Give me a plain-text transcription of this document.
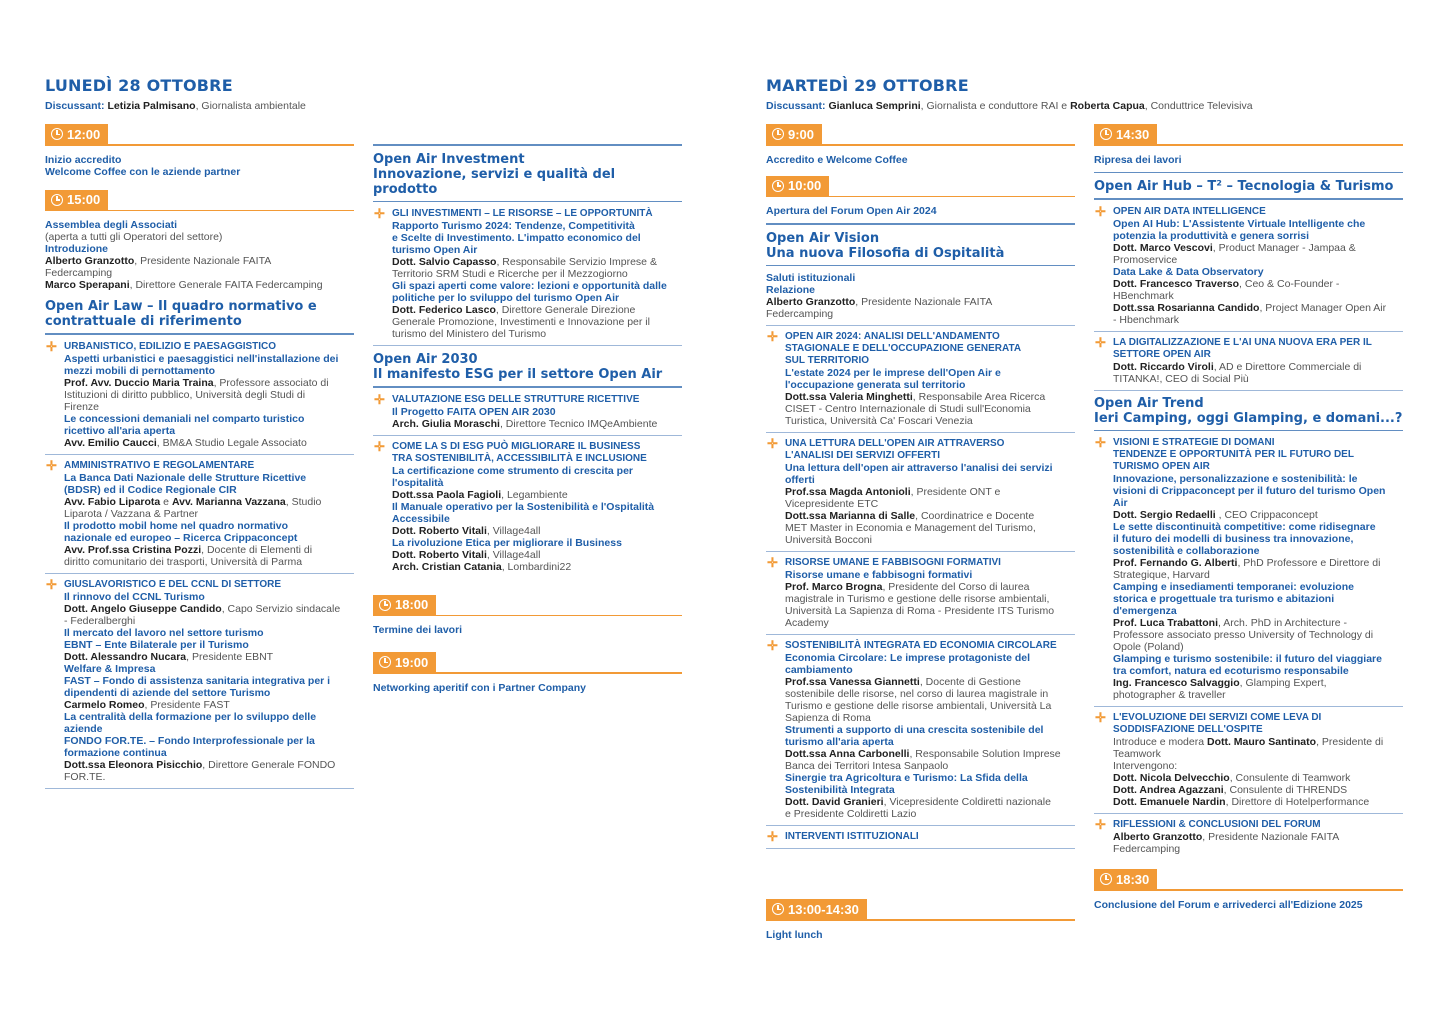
LUNEDÌ 28 OTTOBRE
Discussant: Letizia Palmisano, Giornalista ambientale
12:00
Inizio accredito
Welcome Coffee con le aziende partner
15:00
Assemblea degli Associati
(aperta a tutti gli Operatori del settore)
Introduzione
Alberto Granzotto, Presidente Nazionale FAITA
Federcamping
Marco Sperapani, Direttore Generale FAITA Federcamping
Open Air Law – Il quadro normativo e
contrattuale di riferimento
✛ URBANISTICO, EDILIZIO E PAESAGGISTICO
Aspetti urbanistici e paesaggistici nell'installazione dei
mezzi mobili di pernottamento
Prof. Avv. Duccio Maria Traina, Professore associato di
Istituzioni di diritto pubblico, Università degli Studi di
Firenze
Le concessioni demaniali nel comparto turistico
ricettivo all'aria aperta
Avv. Emilio Caucci, BM&A Studio Legale Associato
✛ AMMINISTRATIVO E REGOLAMENTARE
La Banca Dati Nazionale delle Strutture Ricettive
(BDSR) ed il Codice Regionale CIR
Avv. Fabio Liparota e Avv. Marianna Vazzana, Studio
Liparota / Vazzana & Partner
Il prodotto mobil home nel quadro normativo
nazionale ed europeo – Ricerca Crippaconcept
Avv. Prof.ssa Cristina Pozzi, Docente di Elementi di
diritto comunitario dei trasporti, Università di Parma
✛ GIUSLAVORISTICO E DEL CCNL DI SETTORE
Il rinnovo del CCNL Turismo
Dott. Angelo Giuseppe Candido, Capo Servizio sindacale
- Federalberghi
Il mercato del lavoro nel settore turismo
EBNT – Ente Bilaterale per il Turismo
Dott. Alessandro Nucara, Presidente EBNT
Welfare & Impresa
FAST – Fondo di assistenza sanitaria integrativa per i
dipendenti di aziende del settore Turismo
Carmelo Romeo, Presidente FAST
La centralità della formazione per lo sviluppo delle
aziende
FONDO FOR.TE. – Fondo Interprofessionale per la
formazione continua
Dott.ssa Eleonora Pisicchio, Direttore Generale FONDO
FOR.TE.
Open Air Investment
Innovazione, servizi e qualità del prodotto
✛ GLI INVESTIMENTI – LE RISORSE – LE OPPORTUNITÀ
Rapporto Turismo 2024: Tendenze, Competitività
e Scelte di Investimento. L'impatto economico del
turismo Open Air
Dott. Salvio Capasso, Responsabile Servizio Imprese &
Territorio SRM Studi e Ricerche per il Mezzogiorno
Gli spazi aperti come valore: lezioni e opportunità dalle
politiche per lo sviluppo del turismo Open Air
Dott. Federico Lasco, Direttore Generale Direzione
Generale Promozione, Investimenti e Innovazione per il
turismo del Ministero del Turismo
Open Air 2030
Il manifesto ESG per il settore Open Air
✛ VALUTAZIONE ESG DELLE STRUTTURE RICETTIVE
Il Progetto FAITA OPEN AIR 2030
Arch. Giulia Moraschi, Direttore Tecnico IMQeAmbiente
✛ COME LA S DI ESG PUÒ MIGLIORARE IL BUSINESS
TRA SOSTENIBILITÀ, ACCESSIBILITÀ E INCLUSIONE
La certificazione come strumento di crescita per
l'ospitalità
Dott.ssa Paola Fagioli, Legambiente
Il Manuale operativo per la Sostenibilità e l'Ospitalità
Accessibile
Dott. Roberto Vitali, Village4all
La rivoluzione Etica per migliorare il Business
Dott. Roberto Vitali, Village4all
Arch. Cristian Catania, Lombardini22
18:00
Termine dei lavori
19:00
Networking aperitif con i Partner Company
MARTEDÌ 29 OTTOBRE
Discussant: Gianluca Semprini, Giornalista e conduttore RAI e Roberta Capua, Conduttrice Televisiva
9:00
Accredito e Welcome Coffee
10:00
Apertura del Forum Open Air 2024
Open Air Vision
Una nuova Filosofia di Ospitalità
Saluti istituzionali
Relazione
Alberto Granzotto, Presidente Nazionale FAITA
Federcamping
✛ OPEN AIR 2024: ANALISI DELL'ANDAMENTO
STAGIONALE E DELL'OCCUPAZIONE GENERATA
SUL TERRITORIO
L'estate 2024 per le imprese dell'Open Air e
l'occupazione generata sul territorio
Dott.ssa Valeria Minghetti, Responsabile Area Ricerca
CISET - Centro Internazionale di Studi sull'Economia
Turistica, Università Ca' Foscari Venezia
✛ UNA LETTURA DELL'OPEN AIR ATTRAVERSO
L'ANALISI DEI SERVIZI OFFERTI
Una lettura dell'open air attraverso l'analisi dei servizi
offerti
Prof.ssa Magda Antonioli, Presidente ONT e
Vicepresidente ETC
Dott.ssa Marianna di Salle, Coordinatrice e Docente
MET Master in Economia e Management del Turismo,
Università Bocconi
✛ RISORSE UMANE E FABBISOGNI FORMATIVI
Risorse umane e fabbisogni formativi
Prof. Marco Brogna, Presidente del Corso di laurea
magistrale in Turismo e gestione delle risorse ambientali,
Università La Sapienza di Roma - Presidente ITS Turismo
Academy
✛ SOSTENIBILITÀ INTEGRATA ED ECONOMIA CIRCOLARE
Economia Circolare: Le imprese protagoniste del
cambiamento
Prof.ssa Vanessa Giannetti, Docente di Gestione
sostenibile delle risorse, nel corso di laurea magistrale in
Turismo e gestione delle risorse ambientali, Università La
Sapienza di Roma
Strumenti a supporto di una crescita sostenibile del
turismo all'aria aperta
Dott.ssa Anna Carbonelli, Responsabile Solution Imprese
Banca dei Territori Intesa Sanpaolo
Sinergie tra Agricoltura e Turismo: La Sfida della
Sostenibilità Integrata
Dott. David Granieri, Vicepresidente Coldiretti nazionale
e Presidente Coldiretti Lazio
✛ INTERVENTI ISTITUZIONALI
13:00-14:30
Light lunch
14:30
Ripresa dei lavori
Open Air Hub – T² – Tecnologia & Turismo
✛ OPEN AIR DATA INTELLIGENCE
Open AI Hub: L'Assistente Virtuale Intelligente che
potenzia la produttività e genera sorrisi
Dott. Marco Vescovi, Product Manager - Jampaa &
Promoservice
Data Lake & Data Observatory
Dott. Francesco Traverso, Ceo & Co-Founder -
HBenchmark
Dott.ssa Rosarianna Candido, Project Manager Open Air
- Hbenchmark
✛ LA DIGITALIZZAZIONE E L'AI UNA NUOVA ERA PER IL
SETTORE OPEN AIR
Dott. Riccardo Viroli, AD e Direttore Commerciale di
TITANKA!, CEO di Social Più
Open Air Trend
Ieri Camping, oggi Glamping, e domani...?
✛ VISIONI E STRATEGIE DI DOMANI
TENDENZE E OPPORTUNITÀ PER IL FUTURO DEL
TURISMO OPEN AIR
Innovazione, personalizzazione e sostenibilità: le
visioni di Crippaconcept per il futuro del turismo Open
Air
Dott. Sergio Redaelli , CEO Crippaconcept
Le sette discontinuità competitive: come ridisegnare
il futuro dei modelli di business tra innovazione,
sostenibilità e collaborazione
Prof. Fernando G. Alberti, PhD Professore e Direttore di
Strategique, Harvard
Camping e insediamenti temporanei: evoluzione
storica e progettuale tra turismo e abitazioni
d'emergenza
Prof. Luca Trabattoni, Arch. PhD in Architecture -
Professore associato presso University of Technology di
Opole (Poland)
Glamping e turismo sostenibile: il futuro del viaggiare
tra comfort, natura ed ecoturismo responsabile
Ing. Francesco Salvaggio, Glamping Expert,
photographer & traveller
✛ L'EVOLUZIONE DEI SERVIZI COME LEVA DI
SODDISFAZIONE DELL'OSPITE
Introduce e modera Dott. Mauro Santinato, Presidente di
Teamwork
Intervengono:
Dott. Nicola Delvecchio, Consulente di Teamwork
Dott. Andrea Agazzani, Consulente di THRENDS
Dott. Emanuele Nardin, Direttore di Hotelperformance
✛ RIFLESSIONI & CONCLUSIONI DEL FORUM
Alberto Granzotto, Presidente Nazionale FAITA
Federcamping
18:30
Conclusione del Forum e arrivederci all'Edizione 2025
